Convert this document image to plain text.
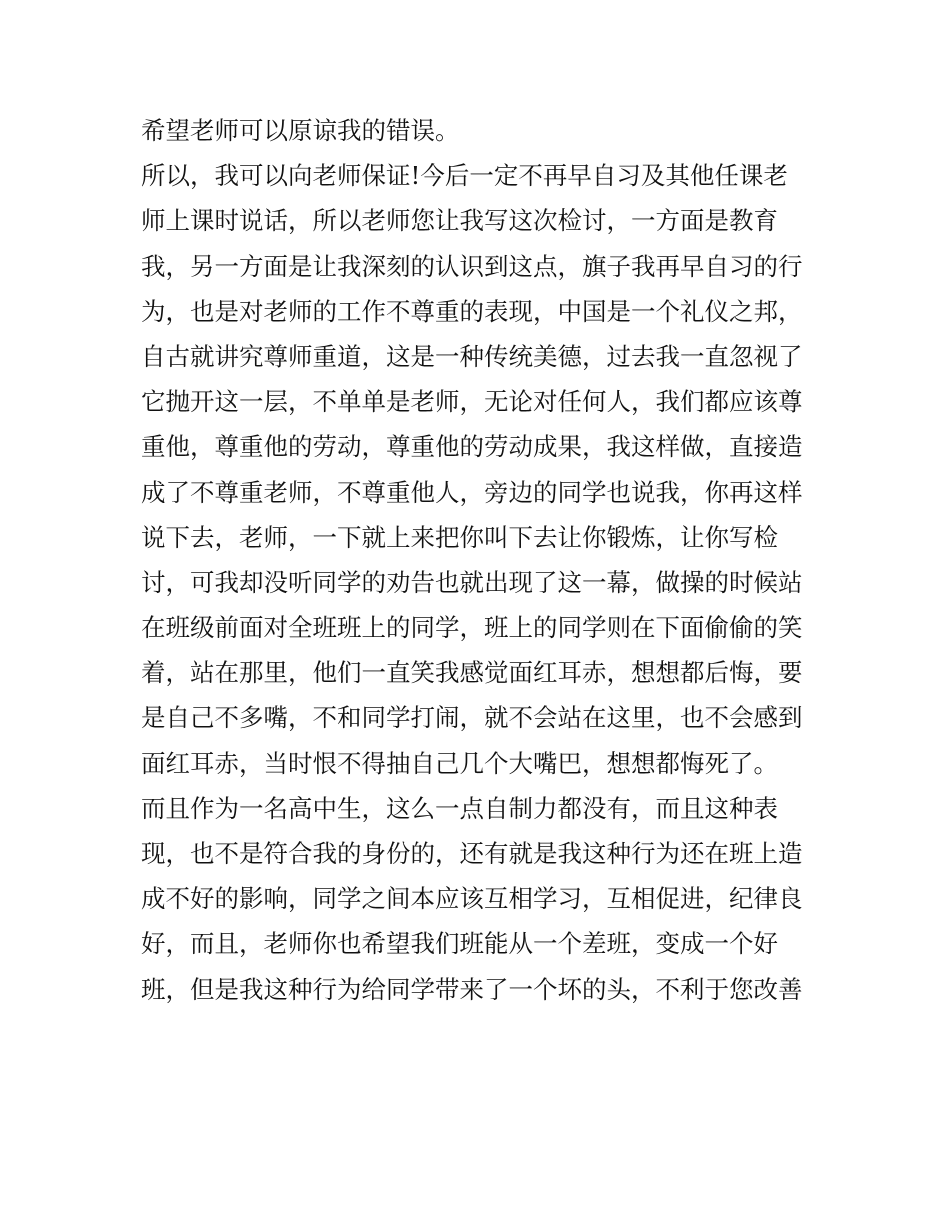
希望老师可以原谅我的错误。
所以，我可以向老师保证!今后一定不再早自习及其他任课老
师上课时说话，所以老师您让我写这次检讨，一方面是教育
我，另一方面是让我深刻的认识到这点，旗子我再早自习的行
为，也是对老师的工作不尊重的表现，中国是一个礼仪之邦，
自古就讲究尊师重道，这是一种传统美德，过去我一直忽视了
它抛开这一层，不单单是老师，无论对任何人，我们都应该尊
重他，尊重他的劳动，尊重他的劳动成果，我这样做，直接造
成了不尊重老师，不尊重他人，旁边的同学也说我，你再这样
说下去，老师，一下就上来把你叫下去让你锻炼，让你写检
讨，可我却没听同学的劝告也就出现了这一幕，做操的时候站
在班级前面对全班班上的同学，班上的同学则在下面偷偷的笑
着，站在那里，他们一直笑我感觉面红耳赤，想想都后悔，要
是自己不多嘴，不和同学打闹，就不会站在这里，也不会感到
面红耳赤，当时恨不得抽自己几个大嘴巴，想想都悔死了。
而且作为一名高中生，这么一点自制力都没有，而且这种表
现，也不是符合我的身份的，还有就是我这种行为还在班上造
成不好的影响，同学之间本应该互相学习，互相促进，纪律良
好，而且，老师你也希望我们班能从一个差班，变成一个好
班，但是我这种行为给同学带来了一个坏的头，不利于您改善
